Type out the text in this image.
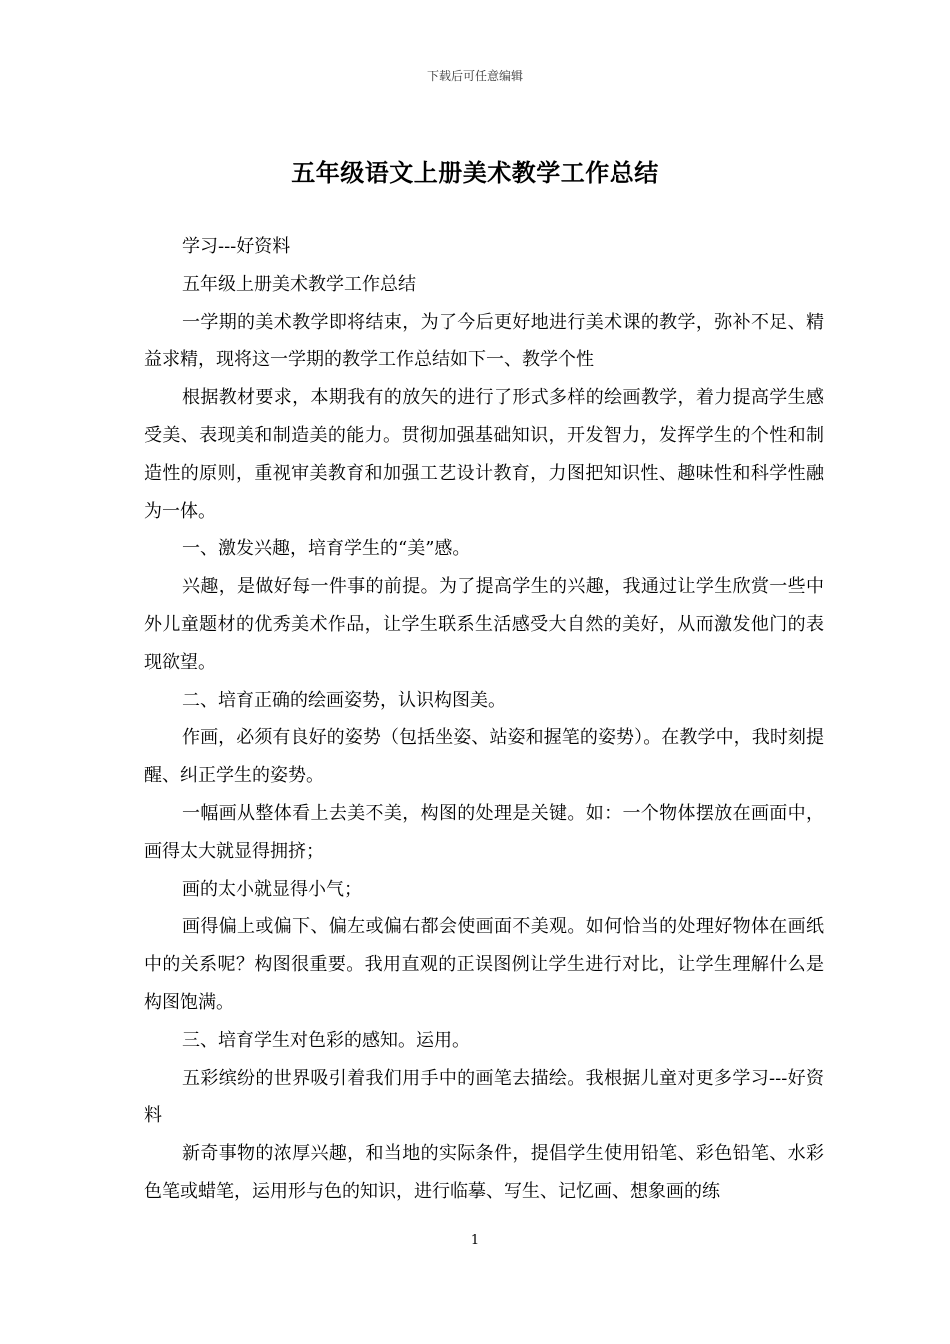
下载后可任意编辑
五年级语文上册美术教学工作总结

学习---好资料

五年级上册美术教学工作总结

一学期的美术教学即将结束，为了今后更好地进行美术课的教学，弥补不足、精益求精，现将这一学期的教学工作总结如下一、教学个性

根据教材要求，本期我有的放矢的进行了形式多样的绘画教学，着力提高学生感受美、表现美和制造美的能力。贯彻加强基础知识，开发智力，发挥学生的个性和制造性的原则，重视审美教育和加强工艺设计教育，力图把知识性、趣味性和科学性融为一体。

一、激发兴趣，培育学生的“美”感。

兴趣，是做好每一件事的前提。为了提高学生的兴趣，我通过让学生欣赏一些中外儿童题材的优秀美术作品，让学生联系生活感受大自然的美好，从而激发他门的表现欲望。

二、培育正确的绘画姿势，认识构图美。

作画，必须有良好的姿势（包括坐姿、站姿和握笔的姿势）。在教学中，我时刻提醒、纠正学生的姿势。

一幅画从整体看上去美不美，构图的处理是关键。如：一个物体摆放在画面中，画得太大就显得拥挤；

画的太小就显得小气；

画得偏上或偏下、偏左或偏右都会使画面不美观。如何恰当的处理好物体在画纸中的关系呢？构图很重要。我用直观的正误图例让学生进行对比，让学生理解什么是构图饱满。

三、培育学生对色彩的感知。运用。

五彩缤纷的世界吸引着我们用手中的画笔去描绘。我根据儿童对更多学习---好资料

新奇事物的浓厚兴趣，和当地的实际条件，提倡学生使用铅笔、彩色铅笔、水彩色笔或蜡笔，运用形与色的知识，进行临摹、写生、记忆画、想象画的练

1
